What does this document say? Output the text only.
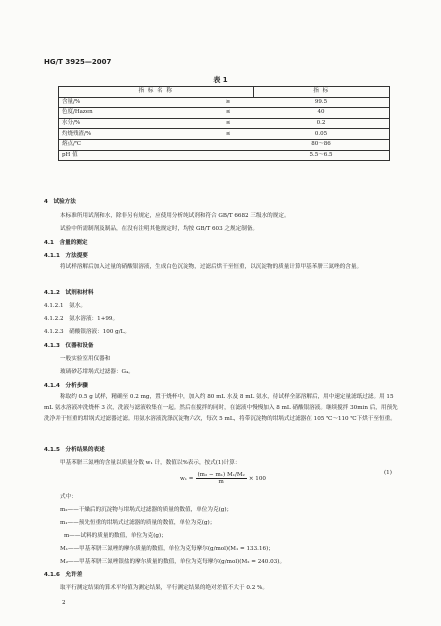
HG/T 3925—2007
表 1
指 标 名 称		指 标
含量/%	≥	99.5
色度/Hazen	≤	40
水分/%	≤	0.2
灼烧残渣/%	≤	0.05
熔点/℃		80～86
pH 值		5.5～6.5
4　试验方法
本标准所用试剂和水，除非另有规定，应使用分析纯试剂和符合 GB/T 6682 三级水的规定。
试验中所需制剂及制品，在没有注明其他规定时，均按 GB/T 603 之规定制备。
4.1　含量的测定
4.1.1　方法提要
将试样溶解后加入过量的硝酸银溶液，生成白色沉淀物，过滤后烘干至恒重，以沉淀物的质量计算甲基苯胼三氮唑的含量。
4.1.2　试剂和材料
4.1.2.1　氨水。
4.1.2.2　氨水溶液：1+99。
4.1.2.3　硝酸银溶液：100 g/L。
4.1.3　仪器和设备
一般实验室用仪器和
玻璃砂芯坩埚式过滤器：G₄。
4.1.4　分析步骤
称取约 0.5 g 试样，精确至 0.2 mg，置于烧杯中，加入约 80 mL 水及 8 mL 氨水，待试样全部溶解后，用中速定量滤纸过滤。用 15 mL 氨水溶液冲洗烧杯 3 次，洗液与滤液收集在一起。然后在搅拌的同时，在滤液中慢慢加入 8 mL 硝酸银溶液。继续搅拌 30min 后，用预先洗净并于恒重的坩埚式过滤器过滤。用氨水溶液洗涤沉淀物六次，每次 5 mL，将带沉淀物的坩埚式过滤器在 105 ℃～110 ℃下烘干至恒重。
4.1.5　分析结果的表述
甲基苯胼三氮唑的含量以质量分数 w₁ 计，数值以%表示，按式(1)计算：
$w_1 = \frac{\text{(m₂ − m₁) M₁/M₂}}{m} \times 100$
(1)
式中：
m₂——干燥后的沉淀物与坩埚式过滤器的质量的数值，单位为克(g)；
m₁——预先恒重的坩埚式过滤器的质量的数值，单位为克(g)；
m——试料的质量的数值，单位为克(g)；
M₁——甲基苯胼三氮唑的摩尔质量的数值，单位为克每摩尔(g/mol)(M₁ = 133.16)；
M₂——甲基苯胼三氮唑银盐的摩尔质量的数值，单位为克每摩尔(g/mol)(M₂ = 240.03)。
4.1.6　允许差
取平行测定结果的算术平均值为测定结果，平行测定结果的绝对差值不大于 0.2 %。
2
